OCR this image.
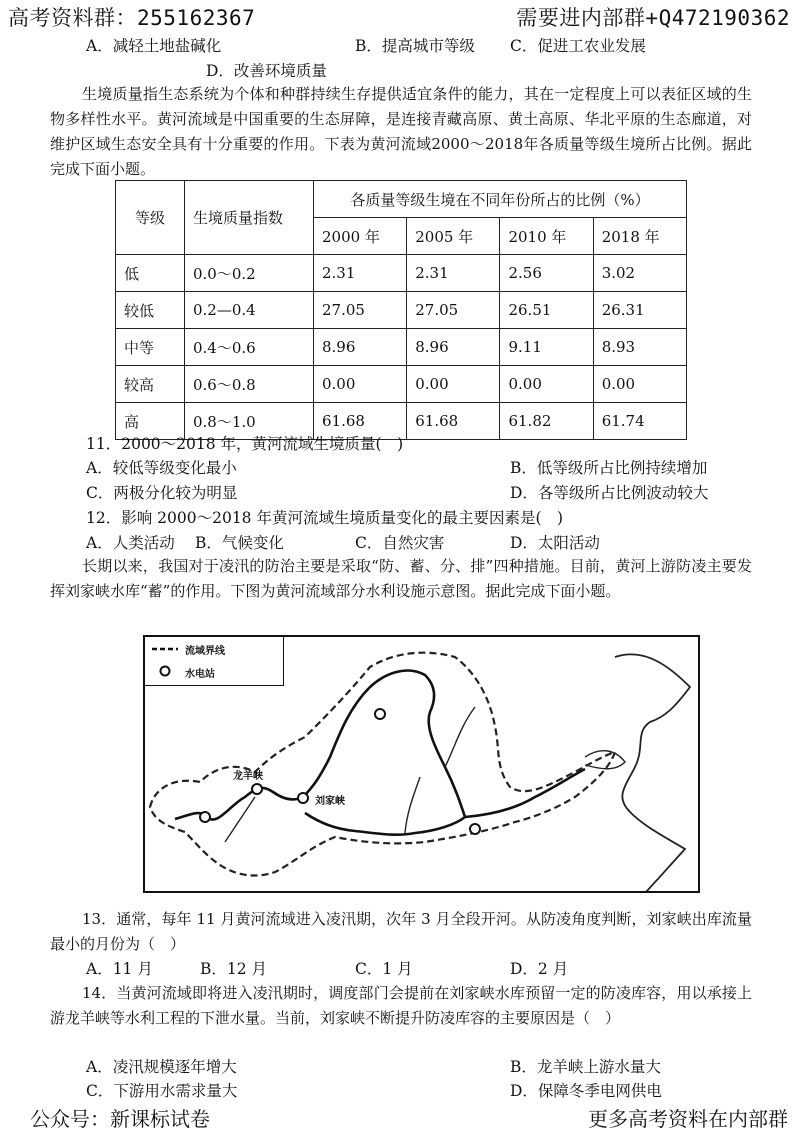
高考资料群：255162367	需要进内部群+Q472190362
A．减轻土地盐碱化	B．提高城市等级 C．促进工农业发展
D．改善环境质量
生境质量指生态系统为个体和种群持续生存提供适宜条件的能力，其在一定程度上可以表征区域的生物多样性水平。黄河流域是中国重要的生态屏障，是连接青藏高原、黄土高原、华北平原的生态廊道，对维护区域生态安全具有十分重要的作用。下表为黄河流域2000～2018年各质量等级生境所占比例。据此完成下面小题。
等级	生境质量指数	各质量等级生境在不同年份所占的比例（%）			
		2000 年	2005 年	2010 年	2018 年
低	0.0～0.2	2.31	2.31	2.56	3.02
较低	0.2—0.4	27.05	27.05	26.51	26.31
中等	0.4～0.6	8.96	8.96	9.11	8.93
较高	0.6～0.8	0.00	0.00	0.00	0.00
高	0.8～1.0	61.68	61.68	61.82	61.74
11．2000～2018 年，黄河流域生境质量(　)
A．较低等级变化最小	B．低等级所占比例持续增加
C．两极分化较为明显	D．各等级所占比例波动较大
12．影响 2000～2018 年黄河流域生境质量变化的最主要因素是(　)
A．人类活动 B．气候变化	C．自然灾害	D．太阳活动
长期以来，我国对于凌汛的防治主要是采取“防、蓄、分、排”四种措施。目前，黄河上游防凌主要发挥刘家峡水库“蓄”的作用。下图为黄河流域部分水利设施示意图。据此完成下面小题。
流域界线
水电站
龙羊峡
刘家峡
13．通常，每年 11 月黄河流域进入凌汛期，次年 3 月全段开河。从防凌角度判断，刘家峡出库流量最小的月份为（　）
A．11 月	B．12 月	C．1 月	D．2 月
14．当黄河流域即将进入凌汛期时，调度部门会提前在刘家峡水库预留一定的防凌库容，用以承接上游龙羊峡等水利工程的下泄水量。当前，刘家峡不断提升防凌库容的主要原因是（　）
A．凌汛规模逐年增大	B．龙羊峡上游水量大
C．下游用水需求量大	D．保障冬季电网供电
公众号：新课标试卷	更多高考资料在内部群
